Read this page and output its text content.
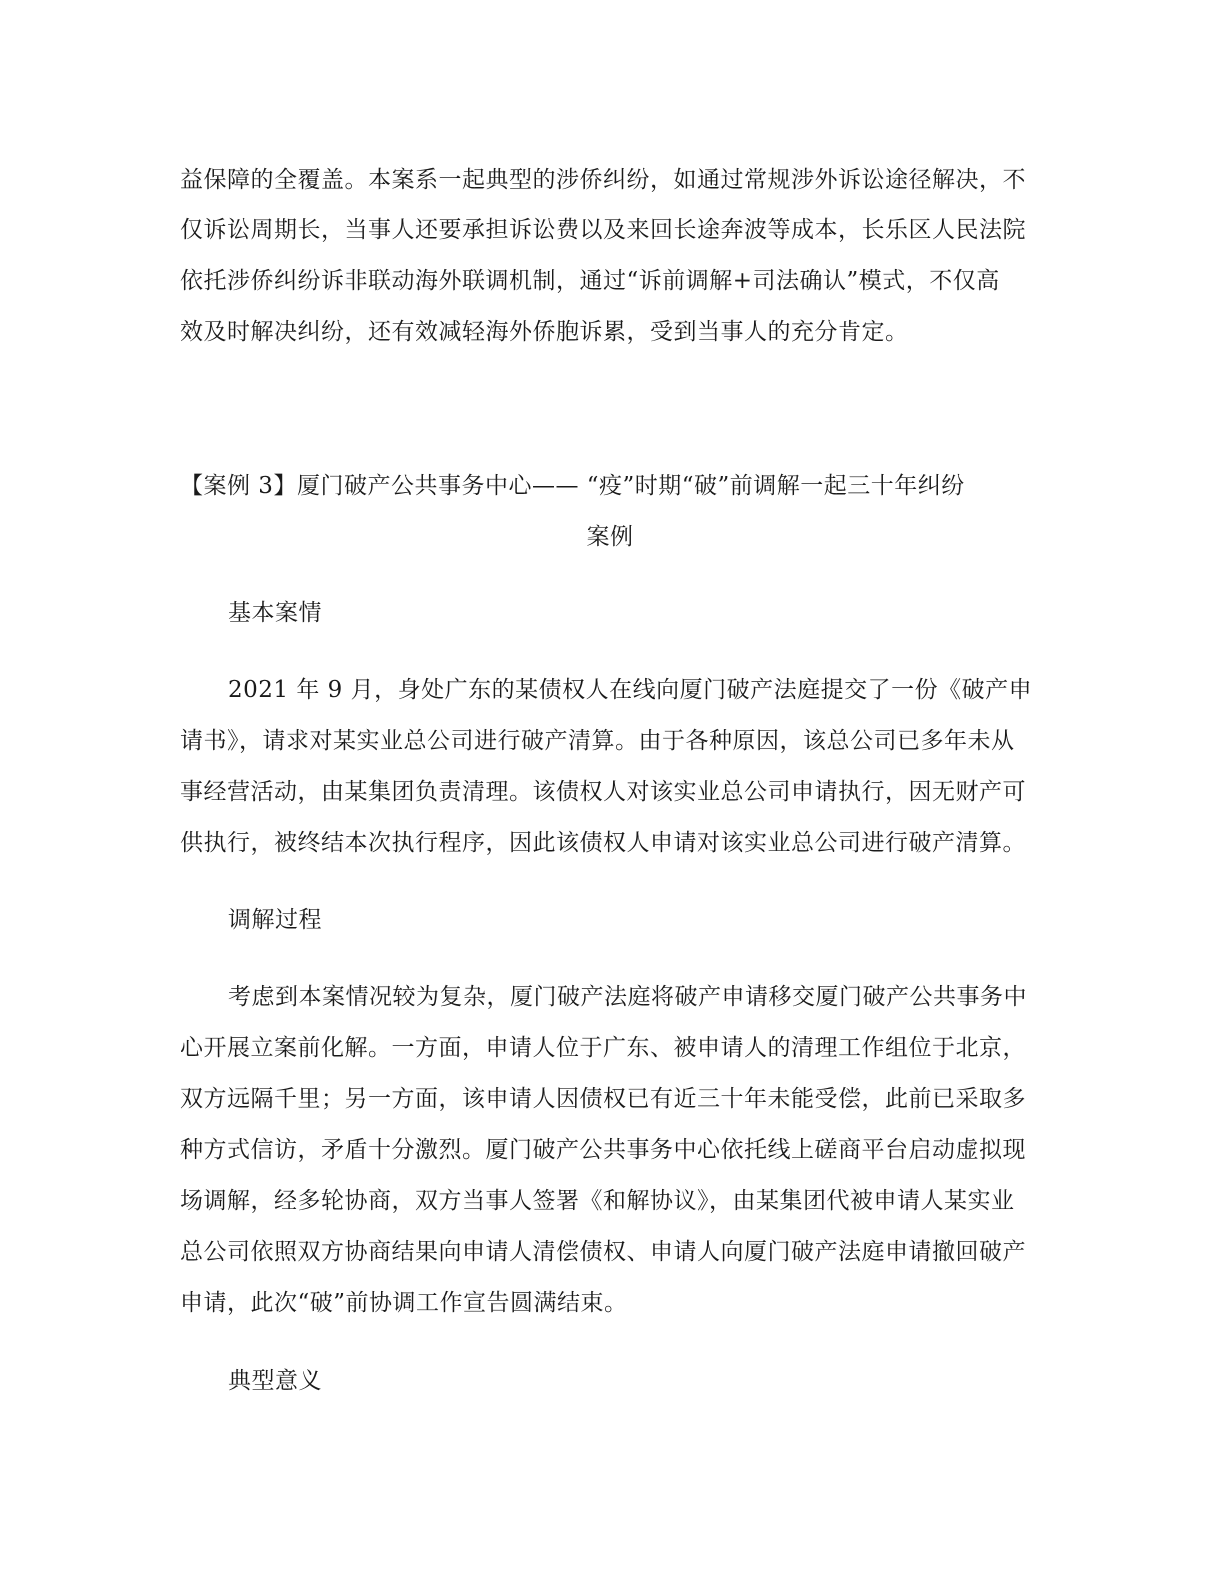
益保障的全覆盖。本案系一起典型的涉侨纠纷，如通过常规涉外诉讼途径解决，不
仅诉讼周期长，当事人还要承担诉讼费以及来回长途奔波等成本，长乐区人民法院
依托涉侨纠纷诉非联动海外联调机制，通过“诉前调解+司法确认”模式，不仅高
效及时解决纠纷，还有效减轻海外侨胞诉累，受到当事人的充分肯定。
【案例 3】厦门破产公共事务中心—— “疫”时期“破”前调解一起三十年纠纷
案例
基本案情
2021 年 9 月，身处广东的某债权人在线向厦门破产法庭提交了一份《破产申
请书》，请求对某实业总公司进行破产清算。由于各种原因，该总公司已多年未从
事经营活动，由某集团负责清理。该债权人对该实业总公司申请执行，因无财产可
供执行，被终结本次执行程序，因此该债权人申请对该实业总公司进行破产清算。
调解过程
考虑到本案情况较为复杂，厦门破产法庭将破产申请移交厦门破产公共事务中
心开展立案前化解。一方面，申请人位于广东、被申请人的清理工作组位于北京，
双方远隔千里；另一方面，该申请人因债权已有近三十年未能受偿，此前已采取多
种方式信访，矛盾十分激烈。厦门破产公共事务中心依托线上磋商平台启动虚拟现
场调解，经多轮协商，双方当事人签署《和解协议》，由某集团代被申请人某实业
总公司依照双方协商结果向申请人清偿债权、申请人向厦门破产法庭申请撤回破产
申请，此次“破”前协调工作宣告圆满结束。
典型意义
